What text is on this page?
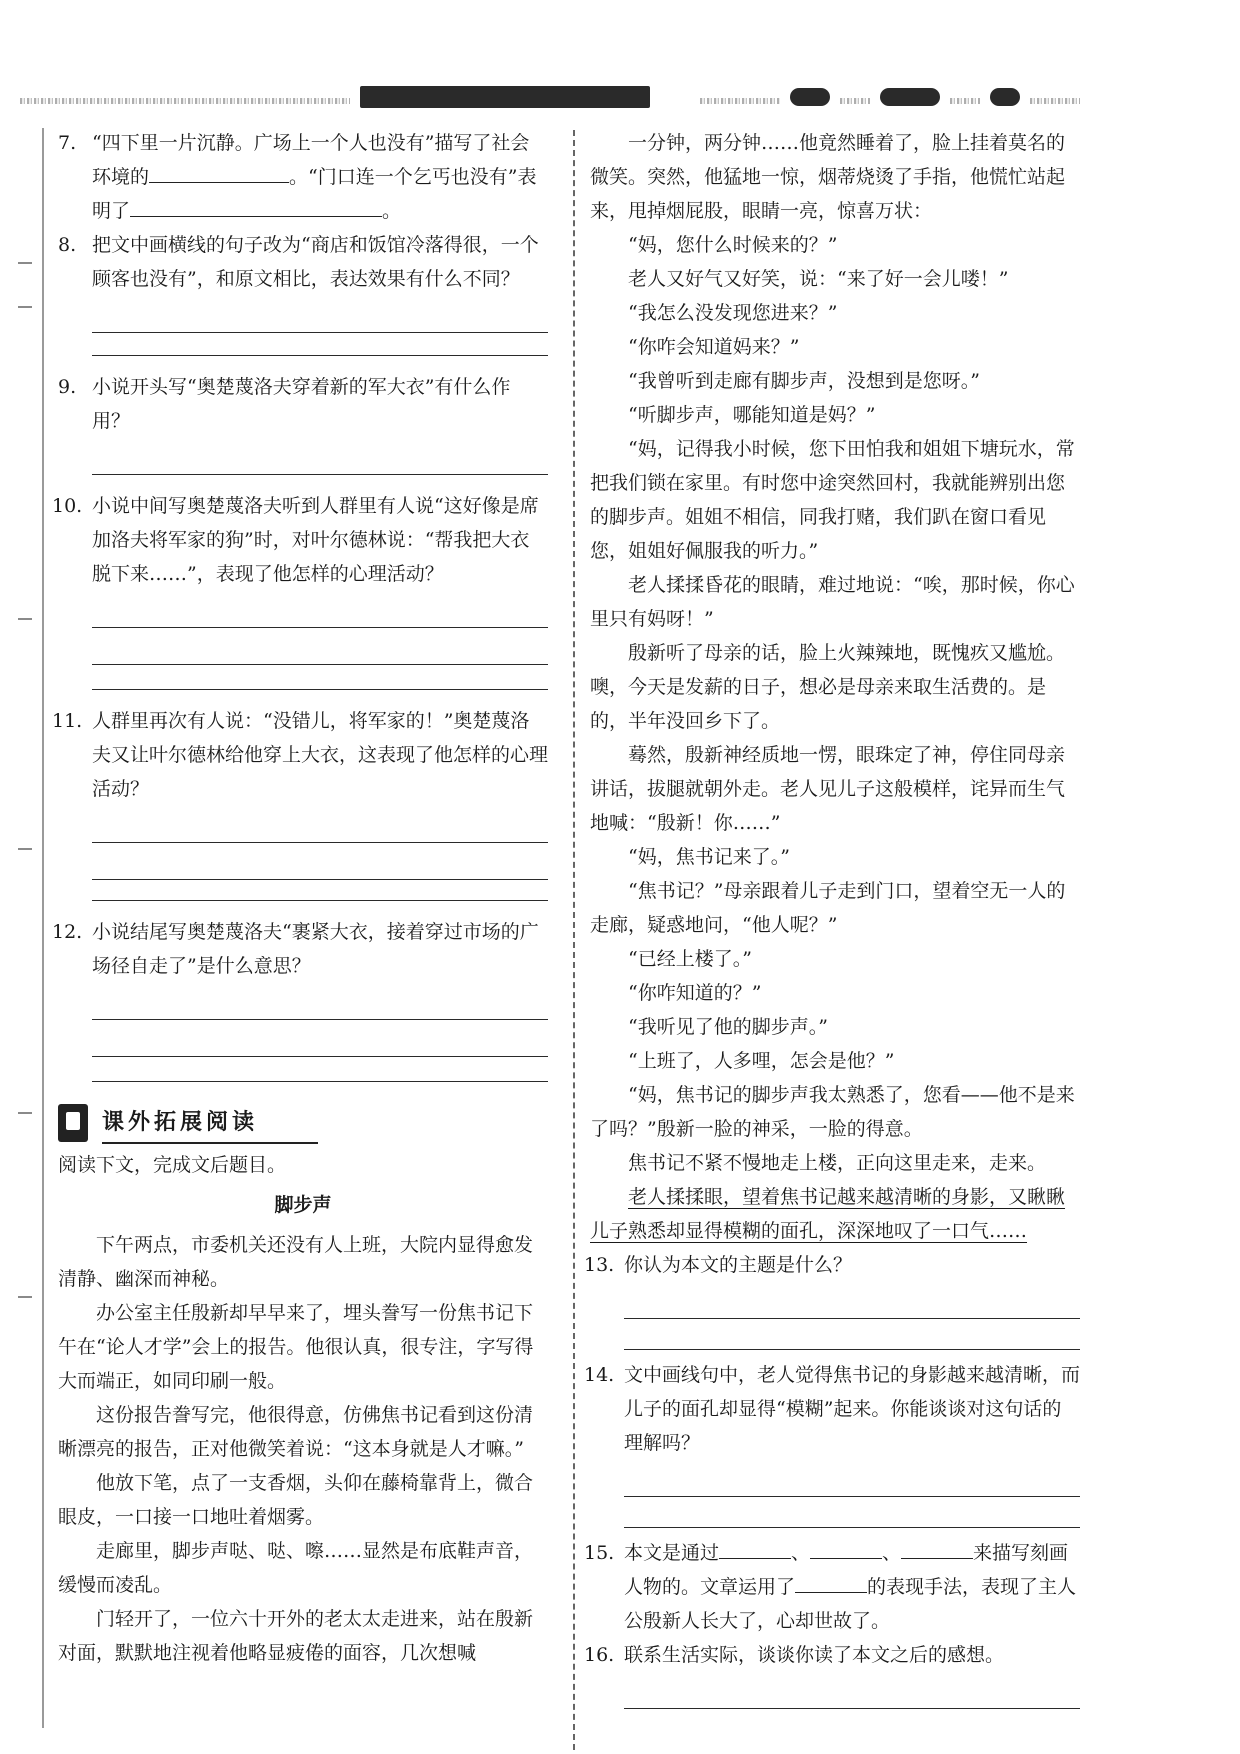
7. “四下里一片沉静。广场上一个人也没有”描写了社会环境的	。“门口连一个乞丐也没有”表明了	。
8. 把文中画横线的句子改为“商店和饭馆冷落得很，一个顾客也没有”，和原文相比，表达效果有什么不同？
9. 小说开头写“奥楚蔑洛夫穿着新的军大衣”有什么作用？
10. 小说中间写奥楚蔑洛夫听到人群里有人说“这好像是席加洛夫将军家的狗”时，对叶尔德林说：“帮我把大衣脱下来……”，表现了他怎样的心理活动？
11. 人群里再次有人说：“没错儿，将军家的！”奥楚蔑洛夫又让叶尔德林给他穿上大衣，这表现了他怎样的心理活动？
12. 小说结尾写奥楚蔑洛夫“裹紧大衣，接着穿过市场的广场径自走了”是什么意思？
课外拓展阅读

阅读下文，完成文后题目。

脚步声

下午两点，市委机关还没有人上班，大院内显得愈发清静、幽深而神秘。

办公室主任殷新却早早来了，埋头誊写一份焦书记下午在“论人才学”会上的报告。他很认真，很专注，字写得大而端正，如同印刷一般。

这份报告誊写完，他很得意，仿佛焦书记看到这份清晰漂亮的报告，正对他微笑着说：“这本身就是人才嘛。”

他放下笔，点了一支香烟，头仰在藤椅靠背上，微合眼皮，一口接一口地吐着烟雾。

走廊里，脚步声哒、哒、嚓……显然是布底鞋声音，缓慢而凌乱。

门轻开了，一位六十开外的老太太走进来，站在殷新对面，默默地注视着他略显疲倦的面容，几次想喊

一分钟，两分钟……他竟然睡着了，脸上挂着莫名的微笑。突然，他猛地一惊，烟蒂烧烫了手指，他慌忙站起来，甩掉烟屁股，眼睛一亮，惊喜万状：

“妈，您什么时候来的？”

老人又好气又好笑，说：“来了好一会儿喽！”

“我怎么没发现您进来？”

“你咋会知道妈来？”

“我曾听到走廊有脚步声，没想到是您呀。”

“听脚步声，哪能知道是妈？”

“妈，记得我小时候，您下田怕我和姐姐下塘玩水，常把我们锁在家里。有时您中途突然回村，我就能辨别出您的脚步声。姐姐不相信，同我打赌，我们趴在窗口看见您，姐姐好佩服我的听力。”

老人揉揉昏花的眼睛，难过地说：“唉，那时候，你心里只有妈呀！”

殷新听了母亲的话，脸上火辣辣地，既愧疚又尴尬。噢，今天是发薪的日子，想必是母亲来取生活费的。是的，半年没回乡下了。

蓦然，殷新神经质地一愣，眼珠定了神，停住同母亲讲话，拔腿就朝外走。老人见儿子这般模样，诧异而生气地喊：“殷新！你……”

“妈，焦书记来了。”

“焦书记？”母亲跟着儿子走到门口，望着空无一人的走廊，疑惑地问，“他人呢？”

“已经上楼了。”

“你咋知道的？”

“我听见了他的脚步声。”

“上班了，人多哩，怎会是他？”

“妈，焦书记的脚步声我太熟悉了，您看——他不是来了吗？”殷新一脸的神采，一脸的得意。

焦书记不紧不慢地走上楼，正向这里走来，走来。

老人揉揉眼，望着焦书记越来越清晰的身影，又瞅瞅儿子熟悉却显得模糊的面孔，深深地叹了一口气……

13. 你认为本文的主题是什么？
14. 文中画线句中，老人觉得焦书记的身影越来越清晰，而儿子的面孔却显得“模糊”起来。你能谈谈对这句话的理解吗？
15. 本文是通过	、	、	来描写刻画人物的。文章运用了	的表现手法，表现了主人公殷新人长大了，心却世故了。
16. 联系生活实际，谈谈你读了本文之后的感想。
